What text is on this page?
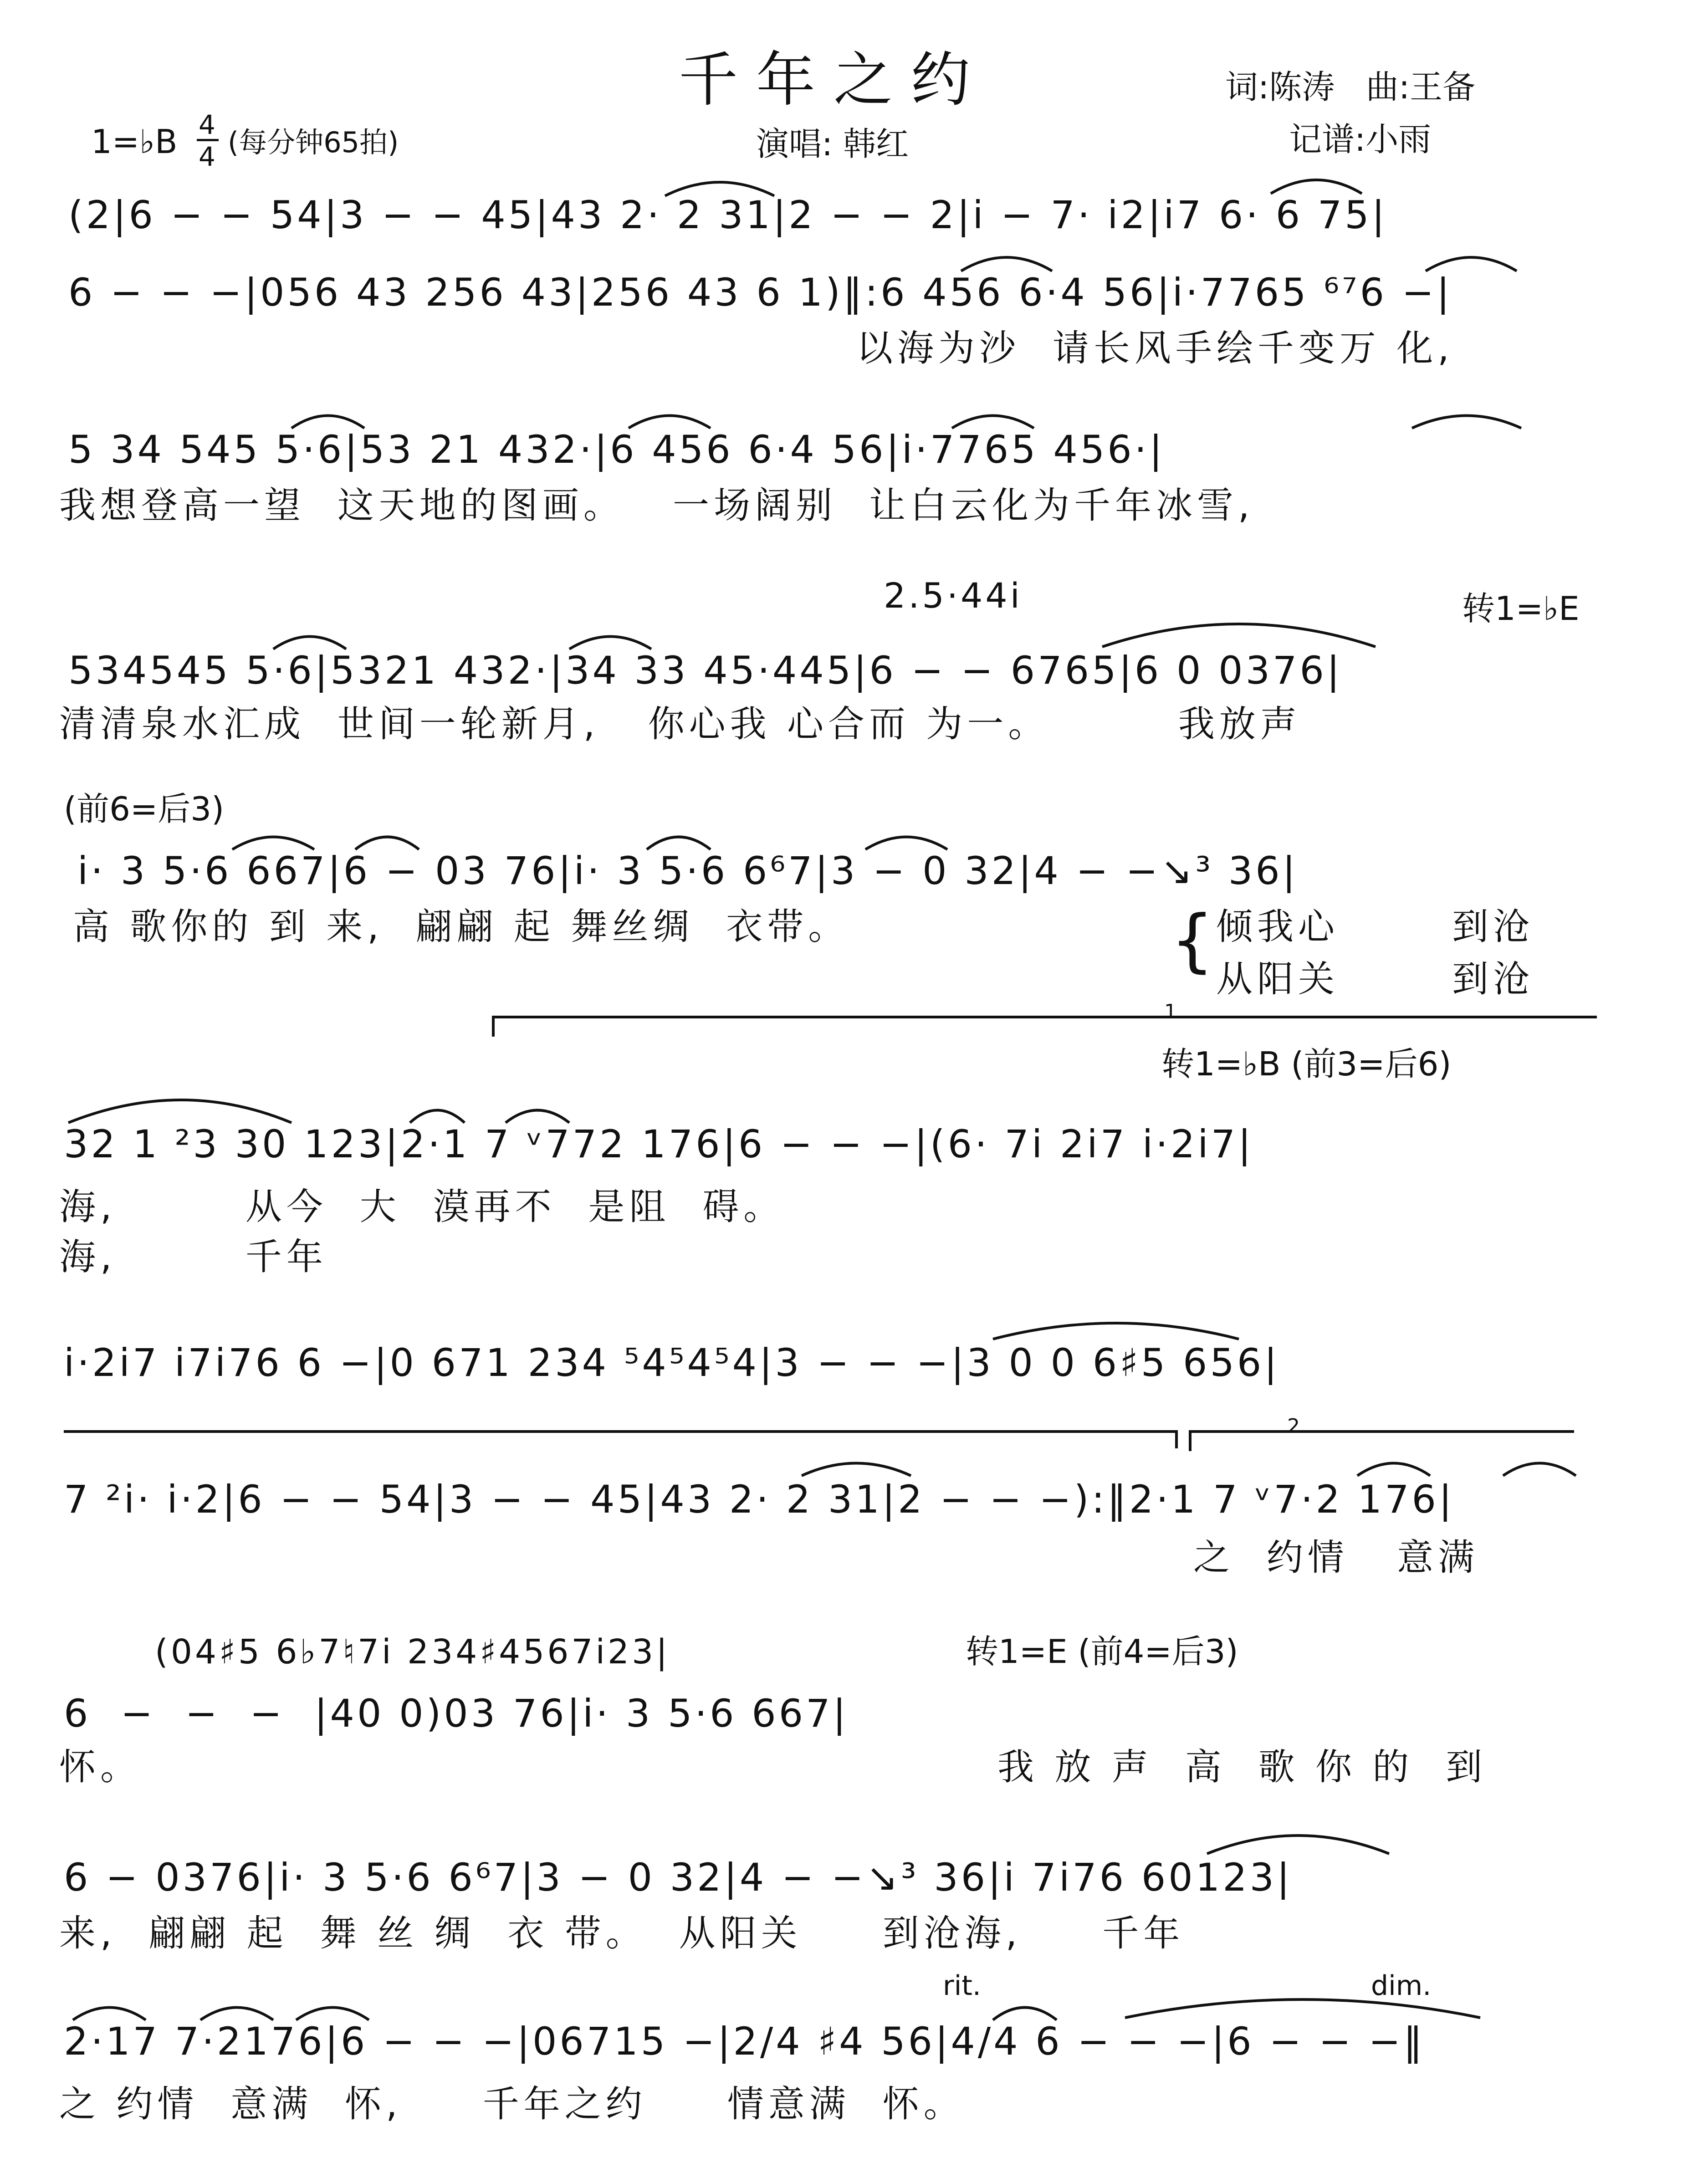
千年之约	词:陈涛   曲:王备
1=♭B 4
4 (每分钟65拍)	演唱: 韩红	记谱:小雨
(2|6 − − 54|3 − − 45|43 2· 2 31|2 − − 2|i − 7· i2|i7 6· 6 75|
6 − − −|056 43 256 43|256 43 6 1)‖:6 456 6·4 56|i·7765 ⁶⁷6 −|
以海为沙  请长风手绘千变万 化,
5 34 545 5·6|53 21 432·|6 456 6·4 56|i·7765 456·|
我想登高一望  这天地的图画。   一场阔别  让白云化为千年冰雪,
2.5·44i	转1=♭E
534545 5·6|5321 432·|34 33 45·445|6 − − 6765|6 0 0376|
清清泉水汇成  世间一轮新月,   你心我 心合而 为一。        我放声
(前6=后3)
i· 3 5·6 667|6 − 03 76|i· 3 5·6 6⁶7|3 − 0 32|4 − −↘³ 36|
高 歌你的 到 来,  翩翩 起 舞丝绸  衣带。	{ 倾我心       到沧
从阳关       到沧
1
转1=♭B (前3=后6)
32 1 ²3 30 123|2·1 7 ᵛ772 176|6 − − −|(6· 7i 2i7 i·2i7|
海,        从今  大  漠再不  是阻  碍。
海,        千年
i·2i7 i7i76 6 −|0 671 234 ⁵4⁵4⁵4|3 − − −|3 0 0 6♯5 656|
2
7 ²i· i·2|6 − − 54|3 − − 45|43 2· 2 31|2 − − −):‖2·1 7 ᵛ7·2 176|
之  约情   意满
(04♯5 6♭7♮7i 234♯4567i23|	转1=E (前4=后3)
6  −  −  −  |40 0)03 76|i· 3 5·6 667|
怀。	我 放 声  高  歌 你 的  到
6 − 0376|i· 3 5·6 6⁶7|3 − 0 32|4 − −↘³ 36|i 7i76 60123|
来,  翩翩 起  舞 丝 绸  衣 带。  从阳关     到沧海,     千年
rit.	dim.
2·17 7·2176|6 − − −|06715 −|2/4 ♯4 56|4/4 6 − − −|6 − − −‖
之 约情  意满  怀,     千年之约     情意满  怀。
